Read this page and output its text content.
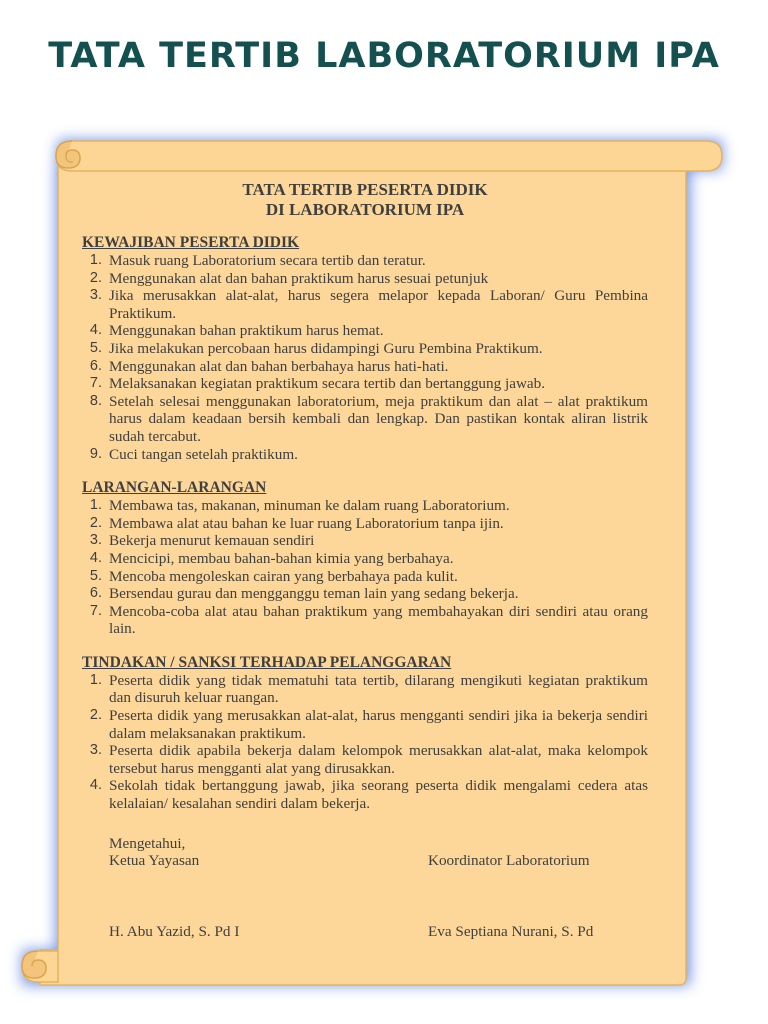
TATA TERTIB LABORATORIUM IPA
TATA TERTIB PESERTA DIDIK
DI LABORATORIUM IPA
KEWAJIBAN PESERTA DIDIK
1. Masuk ruang Laboratorium secara tertib dan teratur.
2. Menggunakan alat dan bahan praktikum harus sesuai petunjuk
3. Jika merusakkan alat-alat, harus segera melapor kepada Laboran/ Guru Pembina Praktikum.
4. Menggunakan bahan praktikum harus hemat.
5. Jika melakukan percobaan harus didampingi Guru Pembina Praktikum.
6. Menggunakan alat dan bahan berbahaya harus hati-hati.
7. Melaksanakan kegiatan praktikum secara tertib dan bertanggung jawab.
8. Setelah selesai menggunakan laboratorium, meja praktikum dan alat – alat praktikum harus dalam keadaan bersih kembali dan lengkap. Dan pastikan kontak aliran listrik sudah tercabut.
9. Cuci tangan setelah praktikum.
LARANGAN-LARANGAN
1. Membawa tas, makanan, minuman ke dalam ruang Laboratorium.
2. Membawa alat atau bahan ke luar ruang Laboratorium tanpa ijin.
3. Bekerja menurut kemauan sendiri
4. Mencicipi, membau bahan-bahan kimia yang berbahaya.
5. Mencoba mengoleskan cairan yang berbahaya pada kulit.
6. Bersendau gurau dan mengganggu teman lain yang sedang bekerja.
7. Mencoba-coba alat atau bahan praktikum yang membahayakan diri sendiri atau orang lain.
TINDAKAN / SANKSI TERHADAP PELANGGARAN
1. Peserta didik yang tidak mematuhi tata tertib, dilarang mengikuti kegiatan praktikum dan disuruh keluar ruangan.
2. Peserta didik yang merusakkan alat-alat, harus mengganti sendiri jika ia bekerja sendiri dalam melaksanakan praktikum.
3. Peserta didik apabila bekerja dalam kelompok merusakkan alat-alat, maka kelompok tersebut harus mengganti alat yang dirusakkan.
4. Sekolah tidak bertanggung jawab, jika seorang peserta didik mengalami cedera atas kelalaian/ kesalahan sendiri dalam bekerja.
Mengetahui,
Ketua Yayasan	Koordinator Laboratorium
H. Abu Yazid, S. Pd I	Eva Septiana Nurani, S. Pd
